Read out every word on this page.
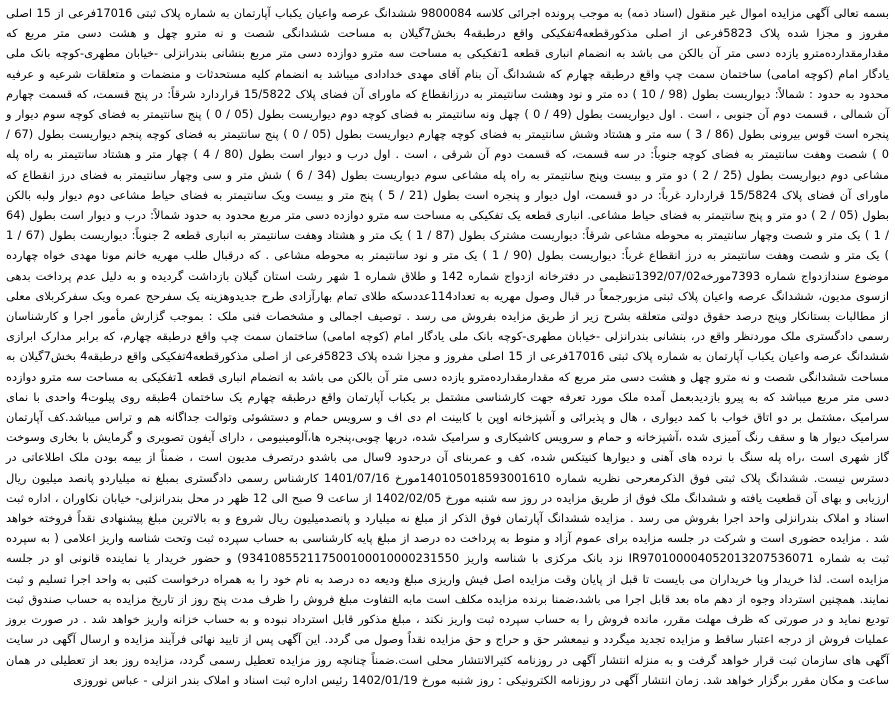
بسمه تعالی آگهی مزایده اموال غیر منقول (اسناد ذمه) به موجب پرونده اجرائی کلاسه 9800084 ششدانگ عرصه واعیان یکباب آپارتمان به شماره پلاک ثبتی 17016فرعی از 15 اصلی مفروز و مجزا شده پلاک 5823فرعی از اصلی مذکورقطعه4تفکیکی واقع درطبقه4 بخش7گیلان به مساحت ششدانگی شصت و نه مترو چهل و هشت دسی متر مربع که مقدارمقدارده‌مترو یازده دسی متر آن بالکن می باشد به انضمام انباری قطعه 1تفکیکی به مساحت سه مترو دوازده دسی متر مربع بنشانی بندرانزلی -خیابان مطهری-کوچه بانک ملی یادگار امام (کوچه امامی) ساختمان سمت چپ واقع درطبقه چهارم که ششدانگ آن بنام آقای مهدی خدادادی میباشد به انضمام کلیه مستحدثات و منضمات و متعلقات شرعیه و عرفیه محدود به حدود : شمالاً: دیواریست بطول (98 / 10 ) ده متر و نود وهشت سانتیمتر به درزانقطاع که ماورای آن فضای پلاک 15/5822 قراردارد شرقاً: در پنج قسمت، که قسمت چهارم آن شمالی ، قسمت دوم آن جنوبی ، است . اول دیواریست بطول (49 / 0 ) چهل ونه سانتیمتر به فضای کوچه دوم دیواریست بطول (05 / 0 ) پنج سانتیمتر به فضای کوچه سوم دیوار و پنجره است قوس بیرونی بطول (86 / 3 ) سه متر و هشتاد وشش سانتیمتر به فضای کوچه چهارم دیواریست بطول (05 / 0 ) پنج سانتیمتر به فضای کوچه پنجم دیواریست بطول (67 / 0 ) شصت وهفت سانتیمتر به فضای کوچه جنوباً: در سه قسمت، که قسمت دوم آن شرقی ، است . اول درب و دیوار است بطول (80 / 4 ) چهار متر و هشتاد سانتیمتر به راه پله مشاعی دوم دیواریست بطول (25 / 2 ) دو متر و بیست وپنج سانتیمتر به راه پله مشاعی سوم دیواریست بطول (34 / 6 ) شش متر و سی وچهار سانتیمتر به فضای درز انقطاع که ماورای آن فضای پلاک 15/5824 قراردارد غرباً: در دو قسمت، اول دیوار و پنجره است بطول (21 / 5 ) پنج متر و بیست ویک سانتیمتر به فضای حیاط مشاعی دوم دیوار ولبه بالکن بطول (05 / 2 ) دو متر و پنج سانتیمتر به فضای حیاط مشاعی. انباری قطعه یک تفکیکی به مساحت سه مترو دوازده دسی متر مربع محدود به حدود شمالاً: درب و دیوار است بطول (64 / 1 ) یک متر و شصت وچهار سانتیمتر به محوطه مشاعی شرقاً: دیواریست مشترک بطول (87 / 1 ) یک متر و هشتاد وهفت سانتیمتر به انباری قطعه 2 جنوباً: دیواریست بطول (67 / 1 ) یک متر و شصت وهفت سانتیمتر به درز انقطاع غرباً: دیواریست بطول (90 / 1 ) یک متر و نود سانتیمتر به محوطه مشاعی . که درقبال طلب مهریه خانم مونا مهدی خواه چهارده موضوع سندازدواج شماره 7393مورخه1392/07/02تنظیمی در دفترخانه ازدواج شماره 142 و طلاق شماره 1 شهر رشت استان گیلان بازداشت گردیده و به دلیل عدم پرداخت بدهی ازسوی مدیون، ششدانگ عرصه واعیان پلاک ثبتی مزبورجمعاً در قبال وصول مهریه به تعداد114عددسکه طلای تمام بهارآزادی طرح جدیدوهزینه یک سفرحج عمره ویک سفرکربلای معلی از مطالبات بستانکار وپنج درصد حقوق دولتی متعلقه بشرح زیر از طریق مزایده بفروش می رسد . توصیف اجمالی و مشخصات فنی ملک : بموجب گزارش مأمور اجرا و کارشناسان رسمی دادگستری ملک موردنظر واقع در، بنشانی بندرانزلی -خیابان مطهری-کوچه بانک ملی یادگار امام (کوچه امامی) ساختمان سمت چپ واقع درطبقه چهارم، که برابر مدارک ابرازی ششدانگ عرصه واعیان یکباب آپارتمان به شماره پلاک ثبتی 17016فرعی از 15 اصلی مفروز و مجزا شده پلاک 5823فرعی از اصلی مذکورقطعه4تفکیکی واقع درطبقه4 بخش7گیلان به مساحت ششدانگی شصت و نه مترو چهل و هشت دسی متر مربع که مقدارمقدارده‌مترو یازده دسی متر آن بالکن می باشد به انضمام انباری قطعه 1تفکیکی به مساحت سه مترو دوازده دسی متر مربع میباشد که به پیرو بازدیدبعمل آمده ملک مورد تعرفه جهت کارشناسی مشتمل بر یکباب آپارتمان واقع درطبقه چهارم یک ساختمان 4طبقه روی پیلوت4 واحدی با نمای سرامیک ،مشتمل بر دو اتاق خواب با کمد دیواری ، هال و پذیرائی و آشپزخانه اوپن با کابینت ام دی اف و سرویس حمام و دستشوئی وتوالت جداگانه هم و تراس میباشد.کف آپارتمان سرامیک دیوار ها و سقف رنگ آمیزی شده ،آشپزخانه و حمام و سرویس کاشیکاری و سرامیک شده، دربها چوبی،پنجره ها،آلومینیومی ، دارای آیفون تصویری و گرمایش با بخاری وسوخت گاز شهری است ،راه پله سنگ با نرده های آهنی و دیوارها کنیتکس شده، کف و عمربنای آن درحدود 9سال می باشدو درتصرف مدیون است ، ضمناً از بیمه بودن ملک اطلاعاتی در دسترس نیست. ششدانگ پلاک ثبتی فوق الذکرمعرحی نظریه شماره 140105018593001610مورخ 1401/07/16 کارشناس رسمی دادگستری بمبلغ نه میلیاردو پانصد میلیون ریال ارزیابی و بهای آن قطعیت یافته و ششدانگ ملک فوق از طریق مزایده در روز سه شنبه مورخ 1402/02/05 از ساعت 9 صبح الی 12 ظهر در محل بندرانزلی- خیابان نکاوران ، اداره ثبت اسناد و املاک بندرانزلی واحد اجرا بفروش می رسد . مزایده ششدانگ آپارتمان فوق الذکر از مبلغ نه میلیارد و پانصدمیلیون ریال شروع و به بالاترین مبلغ پیشنهادی نقداً فروخته خواهد شد . مزایده حضوری است و شرکت در جلسه مزایده برای عموم آزاد و منوط به پرداخت ده درصد از مبلغ پایه کارشناسی به حساب سپرده ثبت وتحت شناسه واریز اعلامی ( به سپرده ثبت به شماره IR970100004052013207536071 نزد بانک مرکزی با شناسه واریز 934108552117500100010000231550) و حضور خریدار یا نماینده قانونی او در جلسه مزایده است. لذا خریدار ویا خریداران می بایست تا قبل از پایان وقت مزایده اصل فیش واریزی مبلغ ودیعه ده درصد به نام خود را به همراه درخواست کتبی به واحد اجرا تسلیم و ثبت نمایند. همچنین استرداد وجوه از دهم ماه بعد قابل اجرا می باشد،ضمنا برنده مزایده مکلف است مابه التفاوت مبلغ فروش را ظرف مدت پنج روز از تاریخ مزایده به حساب صندوق ثبت تودیع نماید و در صورتی که ظرف مهلت مقرر، مانده فروش را به حساب سپرده ثبت واریز نکند ، مبلغ مذکور قابل استرداد نبوده و به حساب خزانه واریز خواهد شد . در صورت بروز عملیات فروش از درجه اعتبار ساقط و مزایده تجدید میگردد و نیمعشر حق و حراج و حق مزایده نقداً وصول می گردد. این آگهی پس از تایید نهائی فرآیند مزایده و ارسال آگهی در سایت آگهی های سازمان ثبت قرار خواهد گرفت و به منزله انتشار آگهی در روزنامه کثیرالانتشار محلی است.ضمناً چنانچه روز مزایده تعطیل رسمی گردد، مزایده روز بعد از تعطیلی در همان ساعت و مکان مقرر برگزار خواهد شد. زمان انتشار آگهی در روزنامه الکترونیکی : روز شنبه مورخ 1402/01/19 رئیس اداره ثبت اسناد و املاک بندر انزلی - عباس نوروزی
